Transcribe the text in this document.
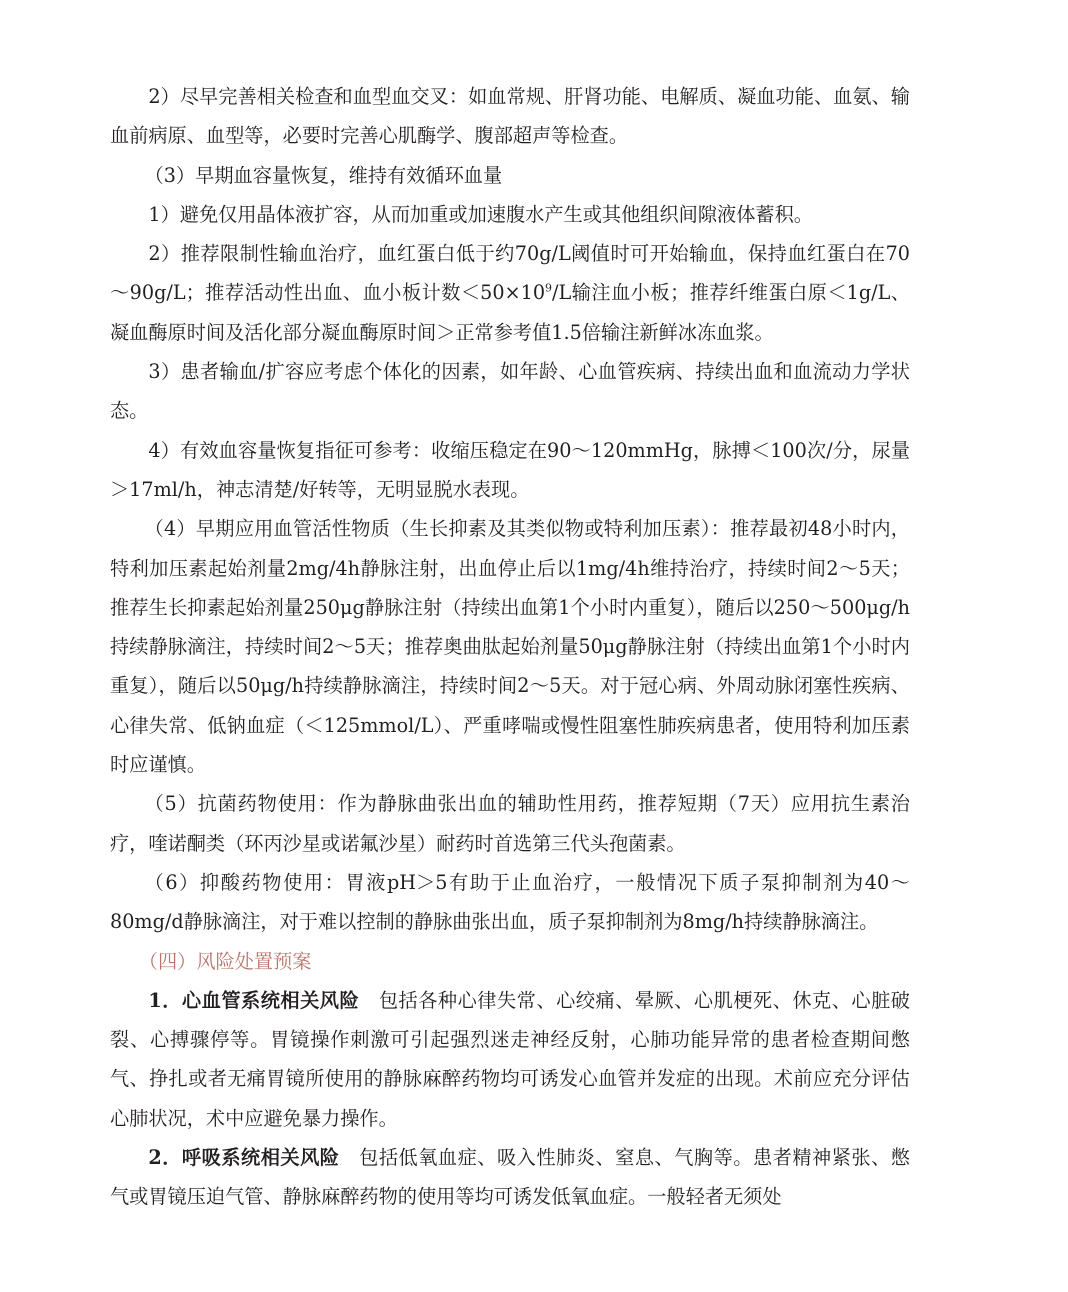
2）尽早完善相关检查和血型血交叉：如血常规、肝肾功能、电解质、凝血功能、血氨、输血前病原、血型等，必要时完善心肌酶学、腹部超声等检查。

（3）早期血容量恢复，维持有效循环血量

1）避免仅用晶体液扩容，从而加重或加速腹水产生或其他组织间隙液体蓄积。

2）推荐限制性输血治疗，血红蛋白低于约70g/L阈值时可开始输血，保持血红蛋白在70～90g/L；推荐活动性出血、血小板计数$<50\times 10^9/L$输注血小板；推荐纤维蛋白原＜1g/L、凝血酶原时间及活化部分凝血酶原时间＞正常参考值1.5倍输注新鲜冰冻血浆。

3）患者输血/扩容应考虑个体化的因素，如年龄、心血管疾病、持续出血和血流动力学状态。

4）有效血容量恢复指征可参考：收缩压稳定在90～120mmHg，脉搏＜100次/分，尿量＞17ml/h，神志清楚/好转等，无明显脱水表现。

（4）早期应用血管活性物质（生长抑素及其类似物或特利加压素）：推荐最初48小时内，特利加压素起始剂量2mg/4h静脉注射，出血停止后以1mg/4h维持治疗，持续时间2～5天；推荐生长抑素起始剂量250μg静脉注射（持续出血第1个小时内重复），随后以250～500μg/h持续静脉滴注，持续时间2～5天；推荐奥曲肽起始剂量50μg静脉注射（持续出血第1个小时内重复），随后以50μg/h持续静脉滴注，持续时间2～5天。对于冠心病、外周动脉闭塞性疾病、心律失常、低钠血症（＜125mmol/L）、严重哮喘或慢性阻塞性肺疾病患者，使用特利加压素时应谨慎。

（5）抗菌药物使用：作为静脉曲张出血的辅助性用药，推荐短期（7天）应用抗生素治疗，喹诺酮类（环丙沙星或诺氟沙星）耐药时首选第三代头孢菌素。

（6）抑酸药物使用：胃液pH＞5有助于止血治疗，一般情况下质子泵抑制剂为40～80mg/d静脉滴注，对于难以控制的静脉曲张出血，质子泵抑制剂为8mg/h持续静脉滴注。

（四）风险处置预案

1．心血管系统相关风险　包括各种心律失常、心绞痛、晕厥、心肌梗死、休克、心脏破裂、心搏骤停等。胃镜操作刺激可引起强烈迷走神经反射，心肺功能异常的患者检查期间憋气、挣扎或者无痛胃镜所使用的静脉麻醉药物均可诱发心血管并发症的出现。术前应充分评估心肺状况，术中应避免暴力操作。

2．呼吸系统相关风险　包括低氧血症、吸入性肺炎、窒息、气胸等。患者精神紧张、憋气或胃镜压迫气管、静脉麻醉药物的使用等均可诱发低氧血症。一般轻者无须处
